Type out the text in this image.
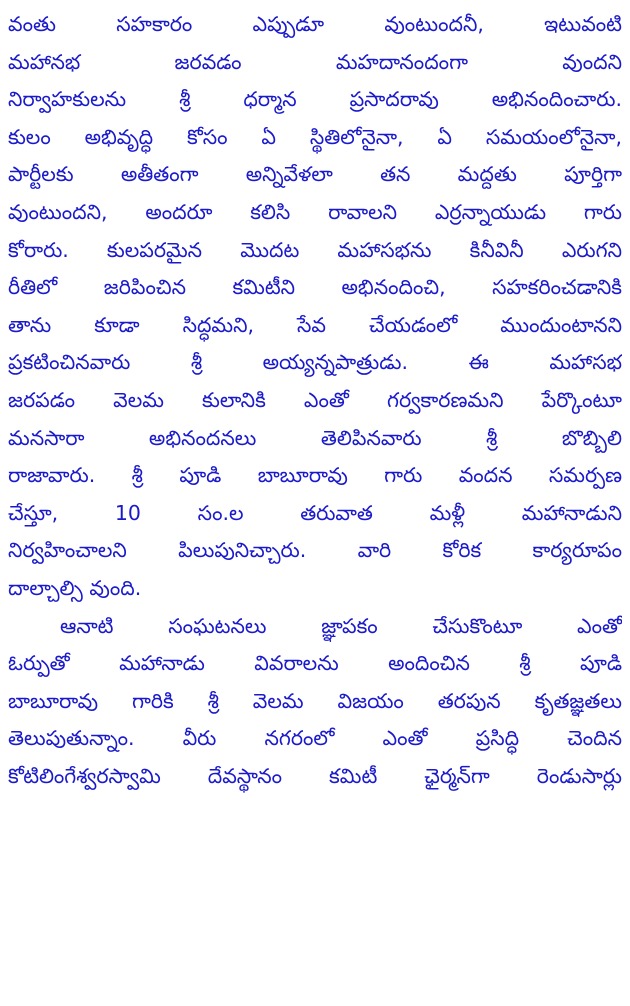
వంతు సహకారం ఎప్పుడూ వుంటుందనీ, ఇటువంటి
మహానభ జరవడం మహదానందంగా వుందని
నిర్వాహకులను శ్రీ ధర్మాన ప్రసాదరావు అభినందించారు.
కులం అభివృద్ధి కోసం ఏ స్థితిలోనైనా, ఏ సమయంలోనైనా,
పార్టీలకు అతీతంగా అన్నివేళలా తన మద్దతు పూర్తిగా
వుంటుందని, అందరూ కలిసి రావాలని ఎర్రన్నాయుడు గారు
కోరారు. కులపరమైన మొదట మహాసభను కినీవినీ ఎరుగని
రీతిలో జరిపించిన కమిటీని అభినందించి, సహకరించడానికి
తాను కూడా సిద్ధమని, సేవ చేయడంలో ముందుంటానని
ప్రకటించినవారు శ్రీ అయ్యన్నపాత్రుడు. ఈ మహాసభ
జరపడం వెలమ కులానికి ఎంతో గర్వకారణమని పేర్కొంటూ
మనసారా అభినందనలు తెలిపినవారు శ్రీ బొబ్బిలి
రాజావారు. శ్రీ పూడి బాబూరావు గారు వందన సమర్పణ
చేస్తూ, 10 సం.ల తరువాత మళ్లీ మహానాడుని
నిర్వహించాలని పిలుపునిచ్చారు. వారి కోరిక కార్యరూపం
దాల్చాల్సి వుంది.
ఆనాటి సంఘటనలు జ్ఞాపకం చేసుకొంటూ ఎంతో
ఓర్పుతో మహానాడు వివరాలను అందించిన శ్రీ పూడి
బాబూరావు గారికి శ్రీ వెలమ విజయం తరపున కృతజ్ఞతలు
తెలుపుతున్నాం. వీరు నగరంలో ఎంతో ప్రసిద్ధి చెందిన
కోటిలింగేశ్వరస్వామి దేవస్థానం కమిటీ ఛైర్మన్‌గా రెండుసార్లు
